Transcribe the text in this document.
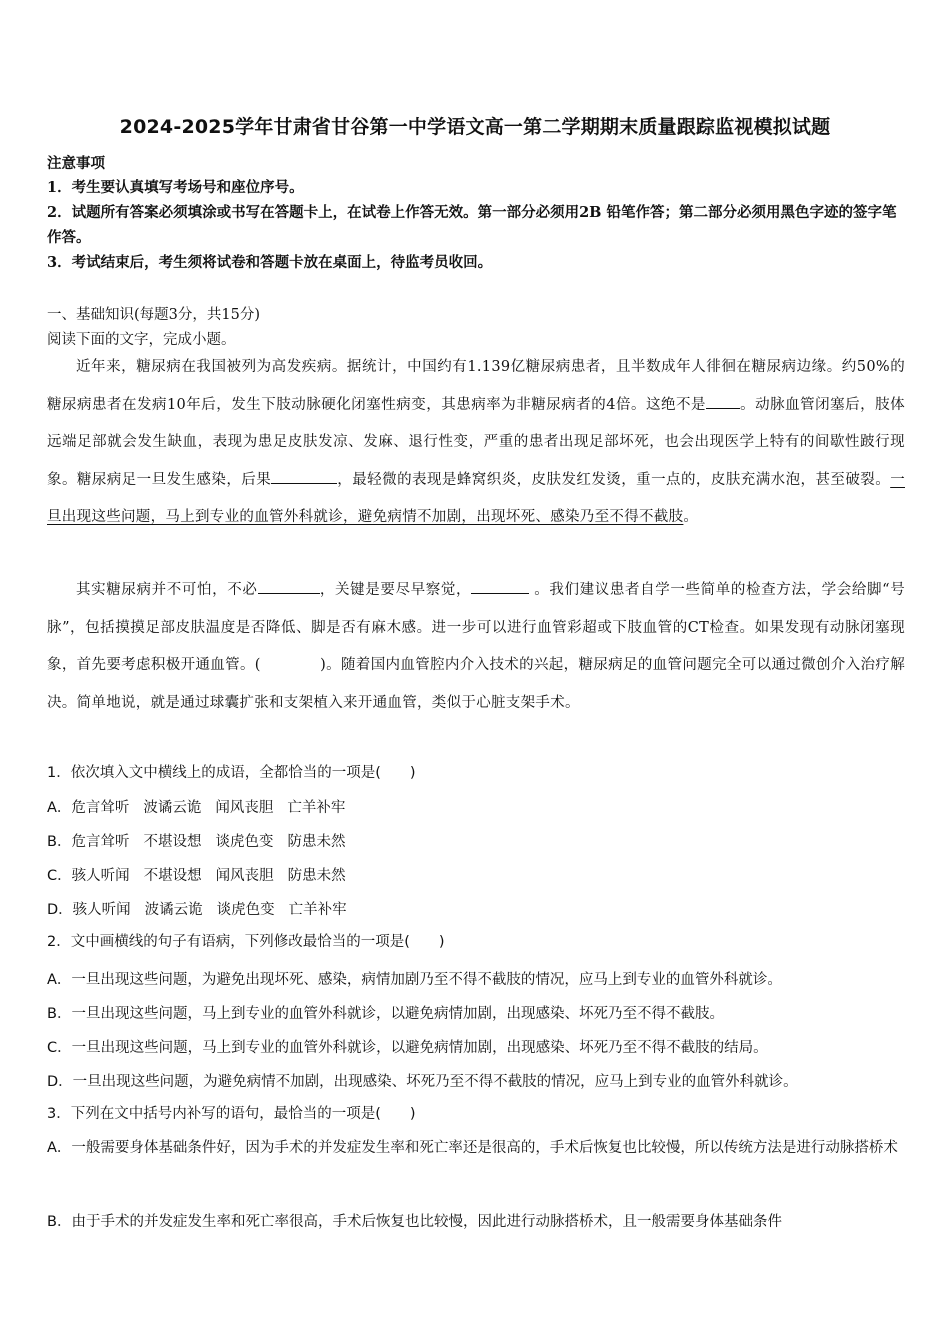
2024-2025学年甘肃省甘谷第一中学语文高一第二学期期末质量跟踪监视模拟试题
注意事项
1．考生要认真填写考场号和座位序号。
2．试题所有答案必须填涂或书写在答题卡上，在试卷上作答无效。第一部分必须用2B 铅笔作答；第二部分必须用黑色字迹的签字笔作答。
3．考试结束后，考生须将试卷和答题卡放在桌面上，待监考员收回。
一、基础知识(每题3分，共15分)
阅读下面的文字，完成小题。
近年来，糖尿病在我国被列为高发疾病。据统计，中国约有1.139亿糖尿病患者，且半数成年人徘徊在糖尿病边缘。约50%的糖尿病患者在发病10年后，发生下肢动脉硬化闭塞性病变，其患病率为非糖尿病者的4倍。这绝不是 。动脉血管闭塞后，肢体远端足部就会发生缺血，表现为患足皮肤发凉、发麻、退行性变，严重的患者出现足部坏死，也会出现医学上特有的间歇性跛行现象。糖尿病足一旦发生感染，后果	，最轻微的表现是蜂窝织炎，皮肤发红发烫，重一点的，皮肤充满水泡，甚至破裂。一旦出现这些问题，马上到专业的血管外科就诊，避免病情不加剧，出现坏死、感染乃至不得不截肢。
其实糖尿病并不可怕，不必	，关键是要尽早察觉，	。我们建议患者自学一些简单的检查方法，学会给脚“号脉”，包括摸摸足部皮肤温度是否降低、脚是否有麻木感。进一步可以进行血管彩超或下肢血管的CT检查。如果发现有动脉闭塞现象，首先要考虑积极开通血管。(　　　　)。随着国内血管腔内介入技术的兴起，糖尿病足的血管问题完全可以通过微创介入治疗解决。简单地说，就是通过球囊扩张和支架植入来开通血管，类似于心脏支架手术。
1．依次填入文中横线上的成语，全都恰当的一项是(　　)
A．危言耸听 波谲云诡 闻风丧胆 亡羊补牢
B．危言耸听 不堪设想 谈虎色变 防患未然
C．骇人听闻 不堪设想 闻风丧胆 防患未然
D．骇人听闻 波谲云诡 谈虎色变 亡羊补牢
2．文中画横线的句子有语病，下列修改最恰当的一项是(　　)
A．一旦出现这些问题，为避免出现坏死、感染，病情加剧乃至不得不截肢的情况，应马上到专业的血管外科就诊。
B．一旦出现这些问题，马上到专业的血管外科就诊，以避免病情加剧，出现感染、坏死乃至不得不截肢。
C．一旦出现这些问题，马上到专业的血管外科就诊，以避免病情加剧，出现感染、坏死乃至不得不截肢的结局。
D．一旦出现这些问题，为避免病情不加剧，出现感染、坏死乃至不得不截肢的情况，应马上到专业的血管外科就诊。
3．下列在文中括号内补写的语句，最恰当的一项是(　　)
A．一般需要身体基础条件好，因为手术的并发症发生率和死亡率还是很高的，手术后恢复也比较慢，所以传统方法是进行动脉搭桥术
B．由于手术的并发症发生率和死亡率很高，手术后恢复也比较慢，因此进行动脉搭桥术，且一般需要身体基础条件
